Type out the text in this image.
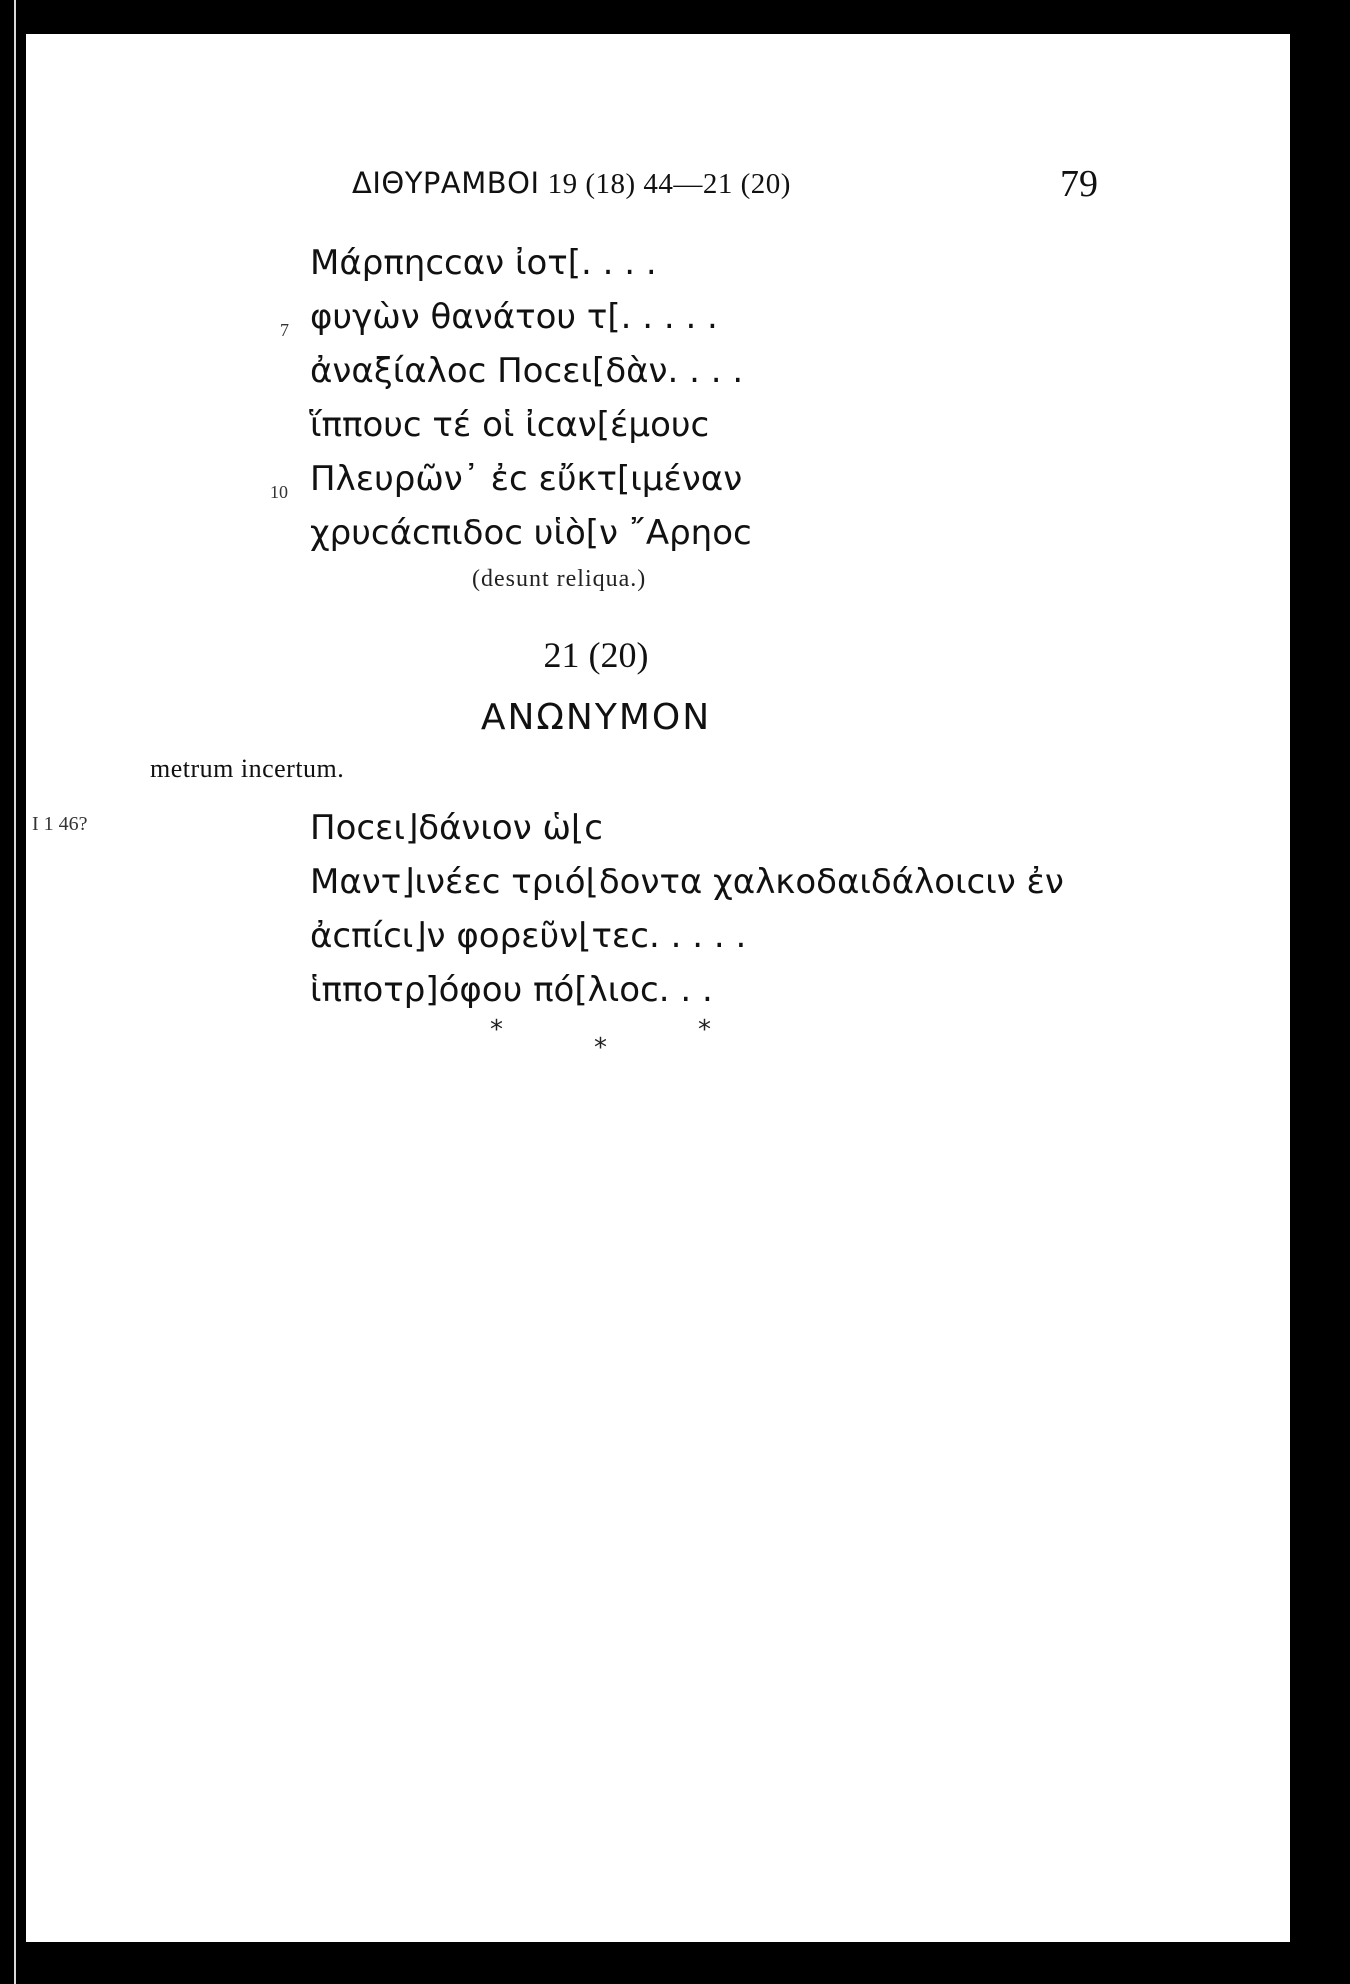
ΔΙΘΥΡΑΜΒΟΙ 19 (18) 44—21 (20)	79
Μάρπηccαν ἰοτ[. . . .
7 φυγὼν θανάτου τ[. . . . .
ἀναξίαλοc Ποcει[δὰν. . . .
ἵππουc τέ οἱ ἰcαν[έμουc
10 Πλευρῶν᾽ ἐc εὔκτ[ιμέναν
χρυcάcπιδοc υἱὸ[ν ῎Αρηοc
(desunt reliqua.)
21 (20)
ΑΝΩΝΥΜΟΝ
metrum incertum.
I 1 46?	Ποcει⌋δάνιον ὡ⌊c
Μαντ⌋ινέεc τριό⌊δοντα χαλκοδαιδάλοιcιν ἐν
ἀcπίcι⌋ν φορεῦν⌊τεc. . . . .
ἱπποτρ]όφου πό[λιοc. . .
*
*
*
